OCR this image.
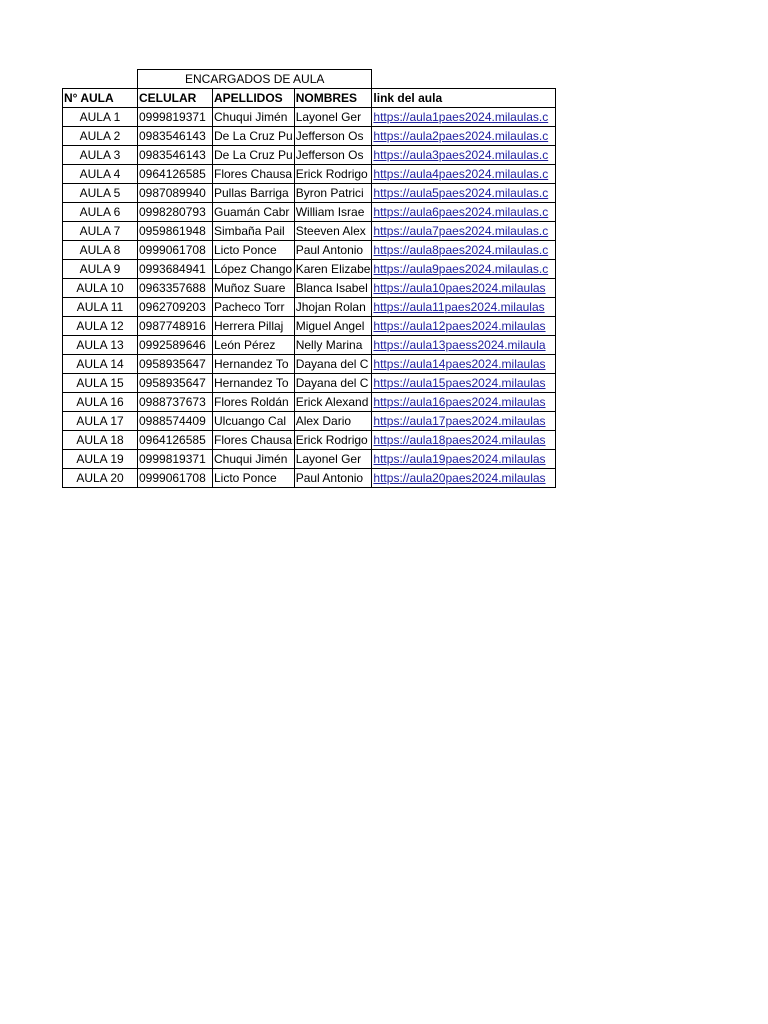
	ENCARGADOS DE AULA			
N° AULA	CELULAR	APELLIDOS	NOMBRES	link del aula
AULA 1	0999819371	Chuqui Jimén	Layonel Ger	https://aula1paes2024.milaulas.c
AULA 2	0983546143	De La Cruz Pu	Jefferson Os	https://aula2paes2024.milaulas.c
AULA 3	0983546143	De La Cruz Pu	Jefferson Os	https://aula3paes2024.milaulas.c
AULA 4	0964126585	Flores Chausa	Erick Rodrigo	https://aula4paes2024.milaulas.c
AULA 5	0987089940	Pullas Barriga	Byron Patrici	https://aula5paes2024.milaulas.c
AULA 6	0998280793	Guamán Cabr	William Israe	https://aula6paes2024.milaulas.c
AULA 7	0959861948	Simbaña Pail	Steeven Alex	https://aula7paes2024.milaulas.c
AULA 8	0999061708	Licto Ponce	Paul Antonio	https://aula8paes2024.milaulas.c
AULA 9	0993684941	López Chango	Karen Elizabe	https://aula9paes2024.milaulas.c
AULA 10	0963357688	Muñoz Suare	Blanca Isabel	https://aula10paes2024.milaulas
AULA 11	0962709203	Pacheco Torr	Jhojan Rolan	https://aula11paes2024.milaulas
AULA 12	0987748916	Herrera Pillaj	Miguel Angel	https://aula12paes2024.milaulas
AULA 13	0992589646	León Pérez	Nelly Marina	https://aula13paess2024.milaula
AULA 14	0958935647	Hernandez To	Dayana del C	https://aula14paes2024.milaulas
AULA 15	0958935647	Hernandez To	Dayana del C	https://aula15paes2024.milaulas
AULA 16	0988737673	Flores Roldán	Erick Alexand	https://aula16paes2024.milaulas
AULA 17	0988574409	Ulcuango Cal	Alex Dario	https://aula17paes2024.milaulas
AULA 18	0964126585	Flores Chausa	Erick Rodrigo	https://aula18paes2024.milaulas
AULA 19	0999819371	Chuqui Jimén	Layonel Ger	https://aula19paes2024.milaulas
AULA 20	0999061708	Licto Ponce	Paul Antonio	https://aula20paes2024.milaulas
